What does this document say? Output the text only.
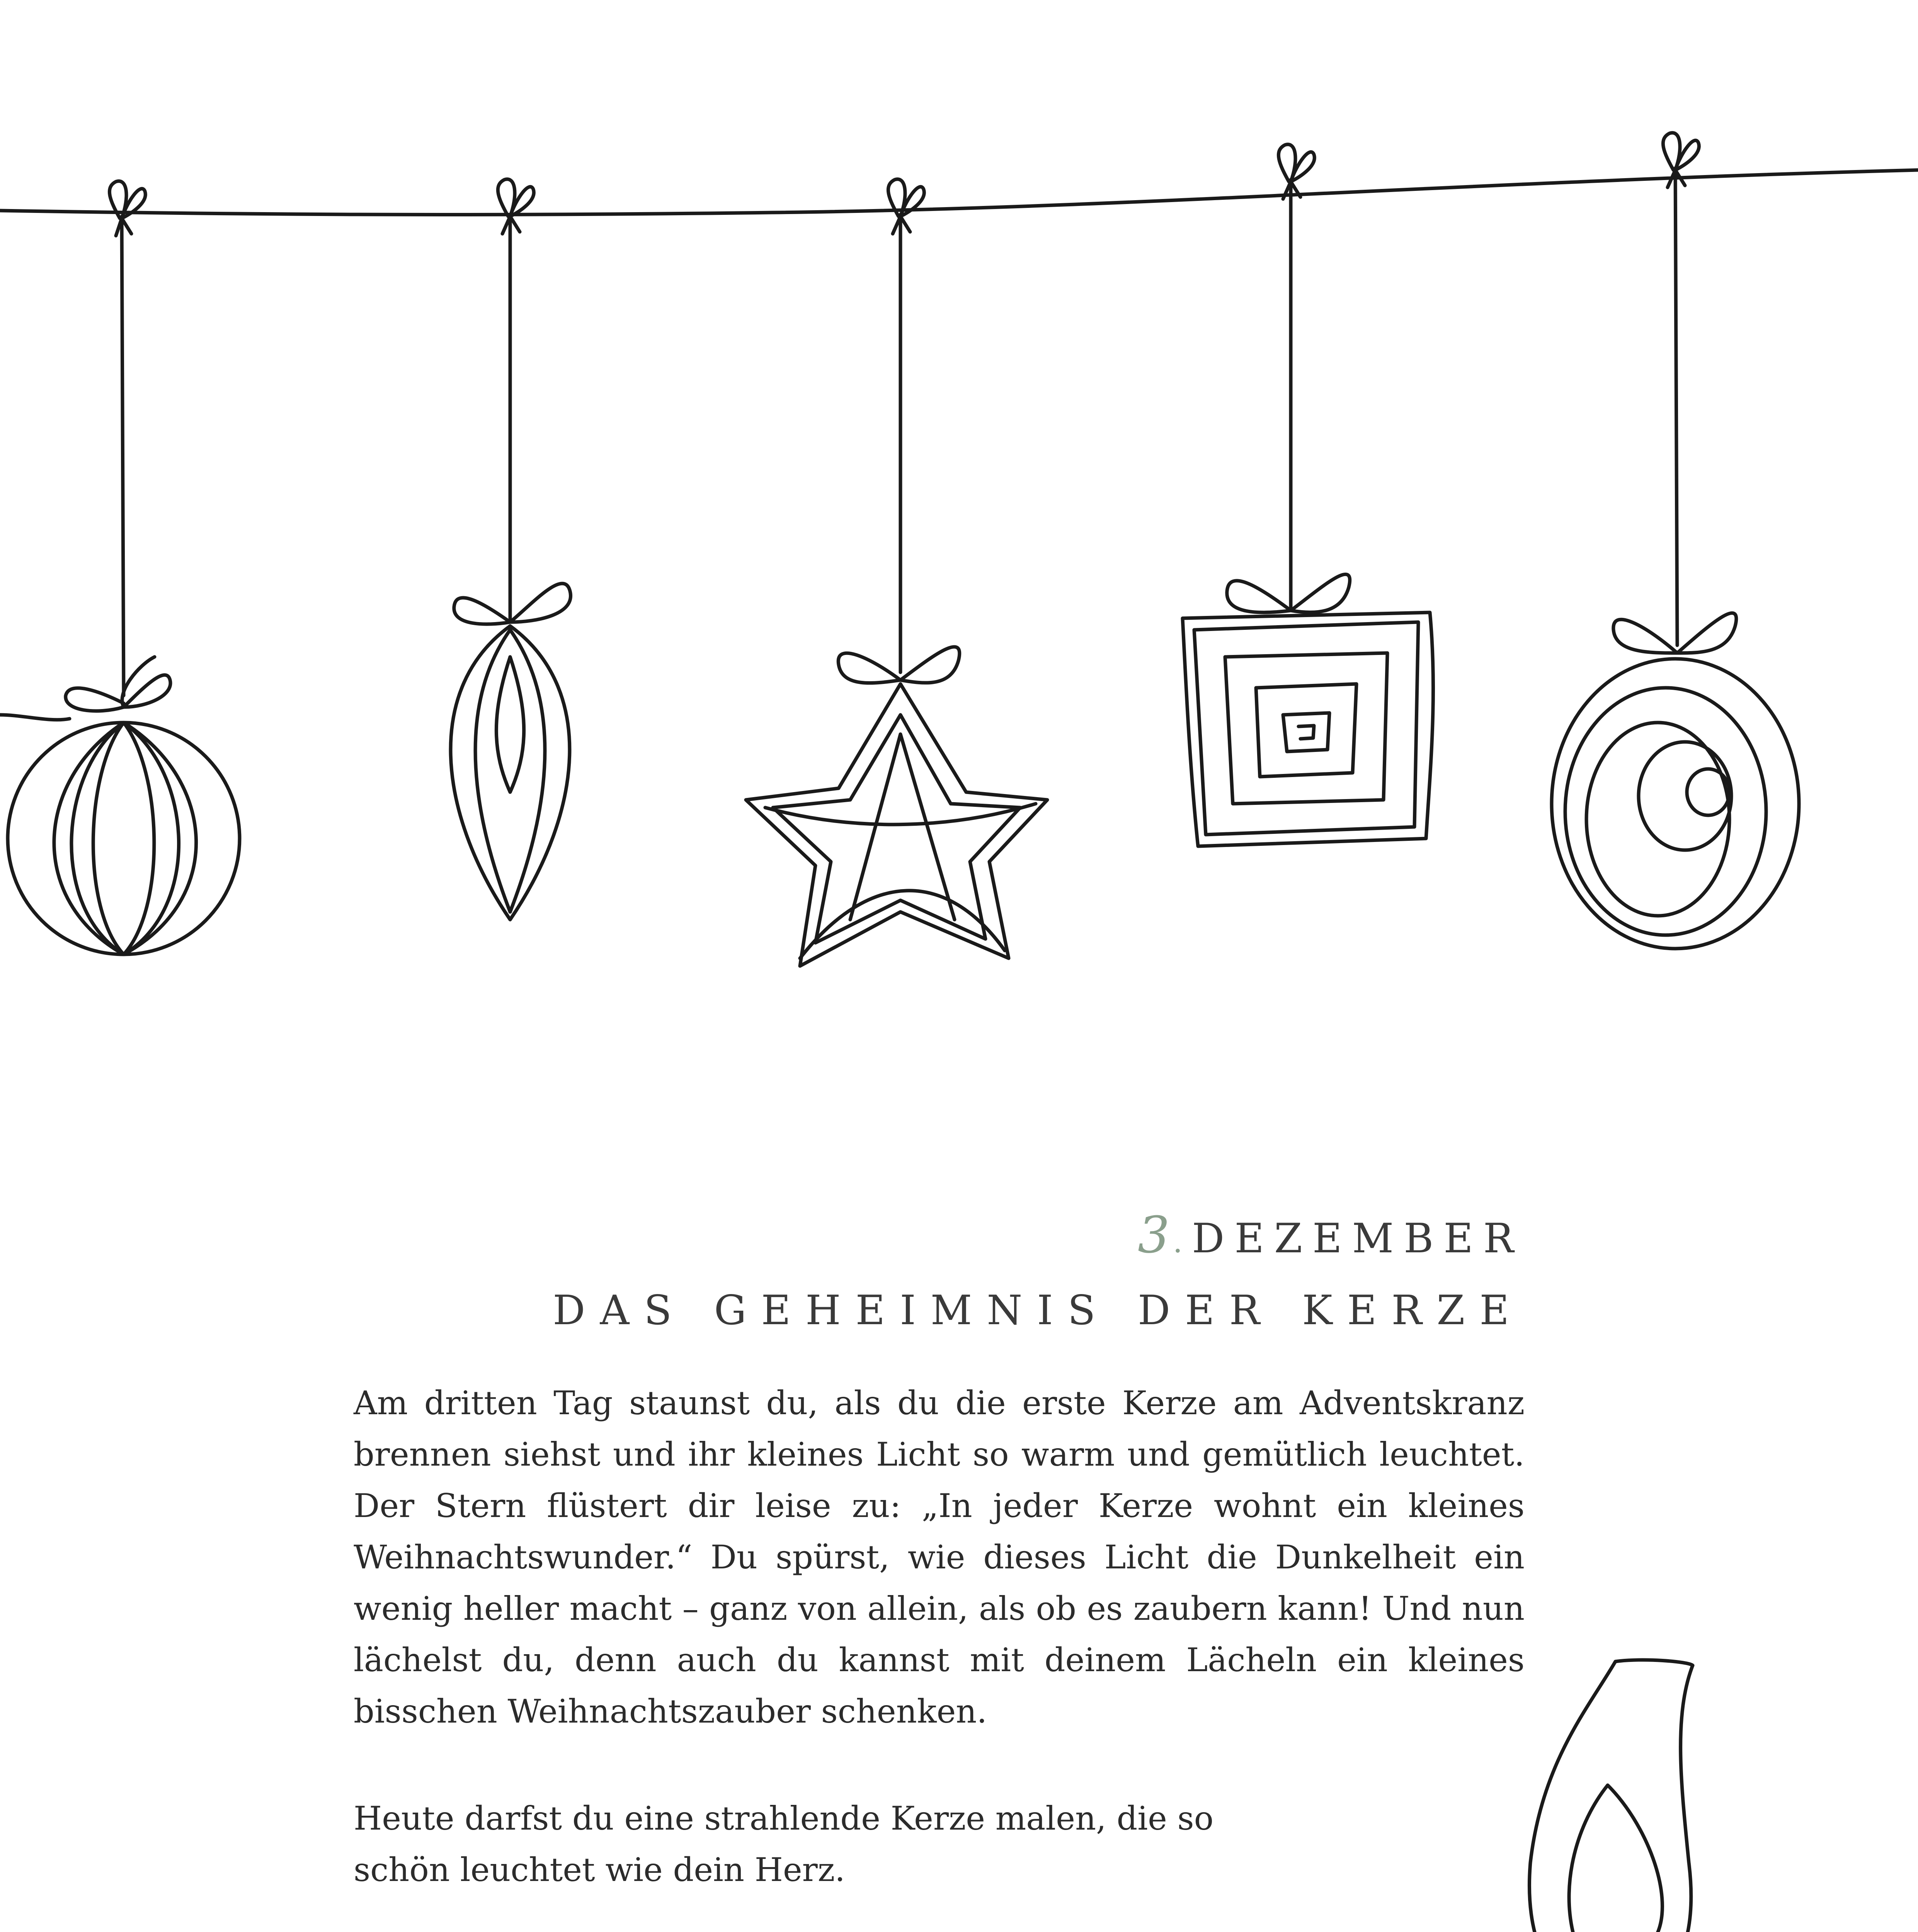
3 . DEZEMBER
DAS GEHEIMNIS DER KERZE
Am dritten Tag staunst du, als du die erste Kerze am Adventskranz brennen siehst und ihr kleines Licht so warm und gemütlich leuchtet. Der Stern flüstert dir leise zu: „In jeder Kerze wohnt ein kleines Weihnachtswunder.“ Du spürst, wie dieses Licht die Dunkelheit ein wenig heller macht – ganz von allein, als ob es zaubern kann! Und nun lächelst du, denn auch du kannst mit deinem Lächeln ein kleines bisschen Weihnachtszauber schenken.
Heute darfst du eine strahlende Kerze malen, die so schön leuchtet wie dein Herz.
